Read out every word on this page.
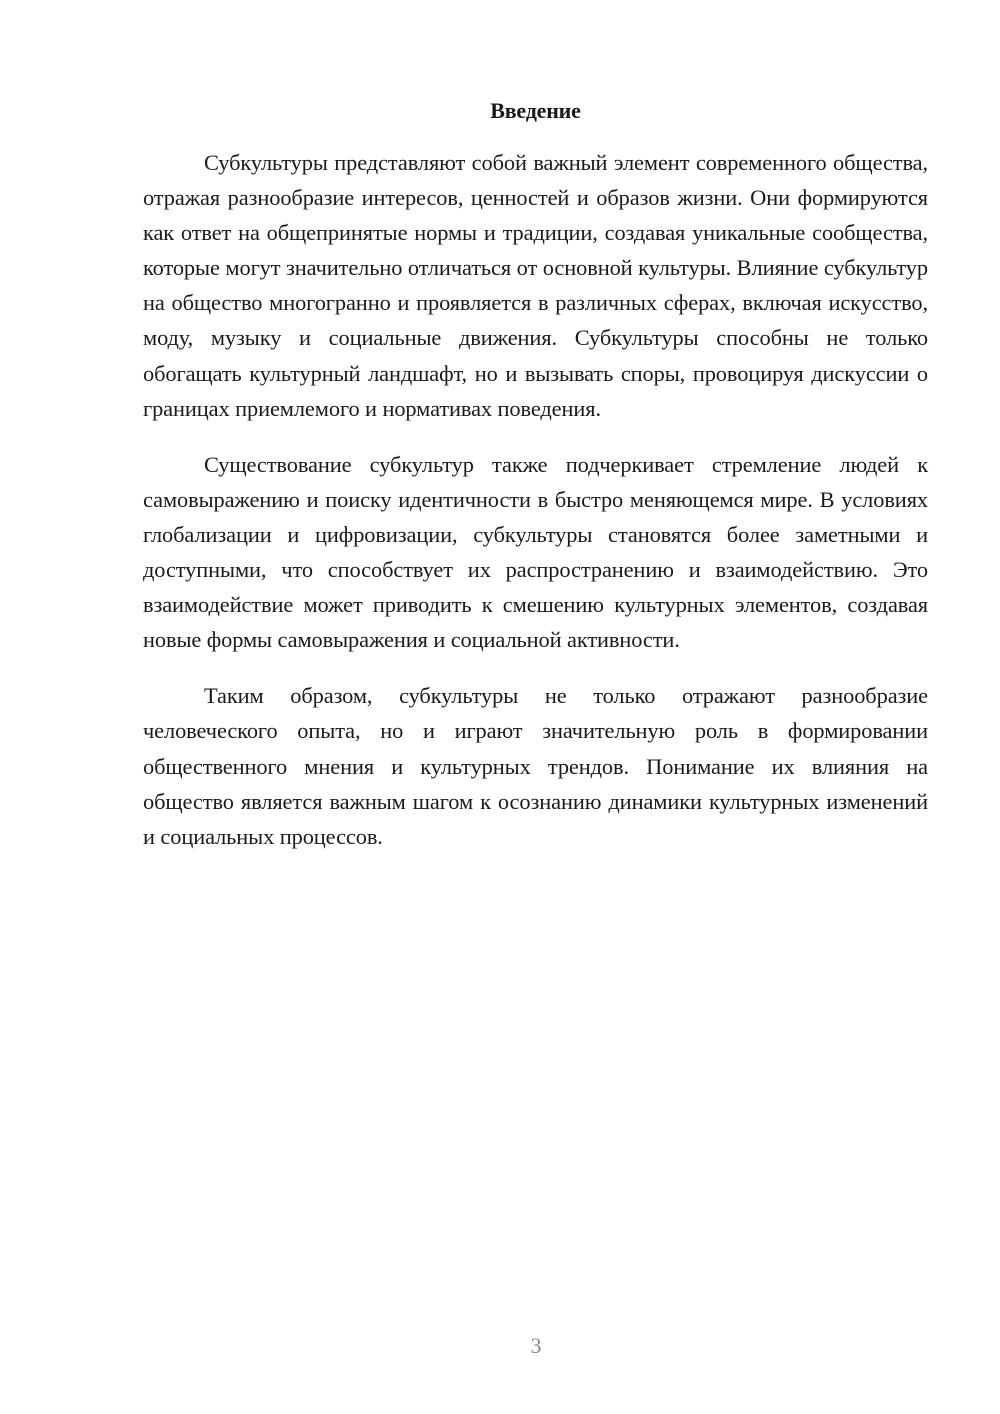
Введение

Субкультуры представляют собой важный элемент современного общества, отражая разнообразие интересов, ценностей и образов жизни. Они формируются как ответ на общепринятые нормы и традиции, создавая уникальные сообщества, которые могут значительно отличаться от основной культуры. Влияние субкультур на общество многогранно и проявляется в различных сферах, включая искусство, моду, музыку и социальные движения. Субкультуры способны не только обогащать культурный ландшафт, но и вызывать споры, провоцируя дискуссии о границах приемлемого и нормативах поведения.

Существование субкультур также подчеркивает стремление людей к самовыражению и поиску идентичности в быстро меняющемся мире. В условиях глобализации и цифровизации, субкультуры становятся более заметными и доступными, что способствует их распространению и взаимодействию. Это взаимодействие может приводить к смешению культурных элементов, создавая новые формы самовыражения и социальной активности.

Таким образом, субкультуры не только отражают разнообразие человеческого опыта, но и играют значительную роль в формировании общественного мнения и культурных трендов. Понимание их влияния на общество является важным шагом к осознанию динамики культурных изменений и социальных процессов.

3
